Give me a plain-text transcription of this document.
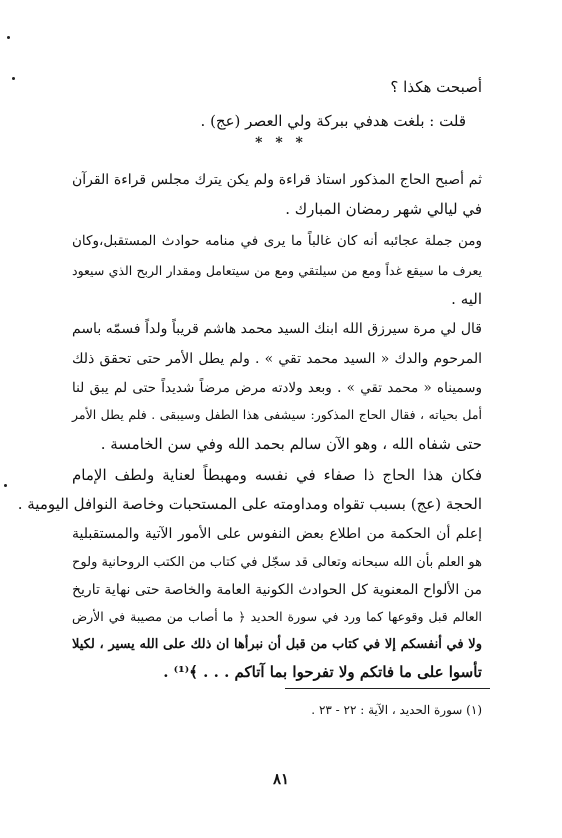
أصبحت هكذا ؟
قلت : بلغت هدفي ببركة ولي العصر (عج) .
* * *
ثم أصبح الحاج المذكور استاذ قراءة ولم يكن يترك مجلس قراءة القرآن
في ليالي شهر رمضان المبارك .
ومن جملة عجائبه أنه كان غالباً ما يرى في منامه حوادث المستقبل،وكان
يعرف ما سيقع غداً ومع من سيلتقي ومع من سيتعامل ومقدار الربح الذي سيعود
اليه .
قال لي مرة سيرزق الله ابنك السيد محمد هاشم قريباً ولداً فسمّه باسم
المرحوم والدك « السيد محمد تقي » . ولم يطل الأمر حتى تحقق ذلك
وسميناه « محمد تقي » . وبعد ولادته مرض مرضاً شديداً حتى لم يبق لنا
أمل بحياته ، فقال الحاج المذكور: سيشفى هذا الطفل وسيبقى . فلم يطل الأمر
حتى شفاه الله ، وهو الآن سالم بحمد الله وفي سن الخامسة .
فكان هذا الحاج ذا صفاء في نفسه ومهبطاً لعناية ولطف الإمام
الحجة (عج) بسبب تقواه ومداومته على المستحبات وخاصة النوافل اليومية .
إعلم أن الحكمة من اطلاع بعض النفوس على الأمور الآتية والمستقبلية
هو العلم بأن الله سبحانه وتعالى قد سجّل في كتاب من الكتب الروحانية ولوح
من الألواح المعنوية كل الحوادث الكونية العامة والخاصة حتى نهاية تاريخ
العالم قبل وقوعها كما ورد في سورة الحديد ﴿ ما أصاب من مصيبة في الأرض
ولا في أنفسكم إلا في كتاب من قبل أن نبرأها ان ذلك على الله يسير ، لكيلا
تأسوا على ما فاتكم ولا تفرحوا بما آتاكم . . . ﴾⁽¹⁾ .
(١) سورة الحديد ، الآية : ٢٢ - ٢٣ .
٨١
